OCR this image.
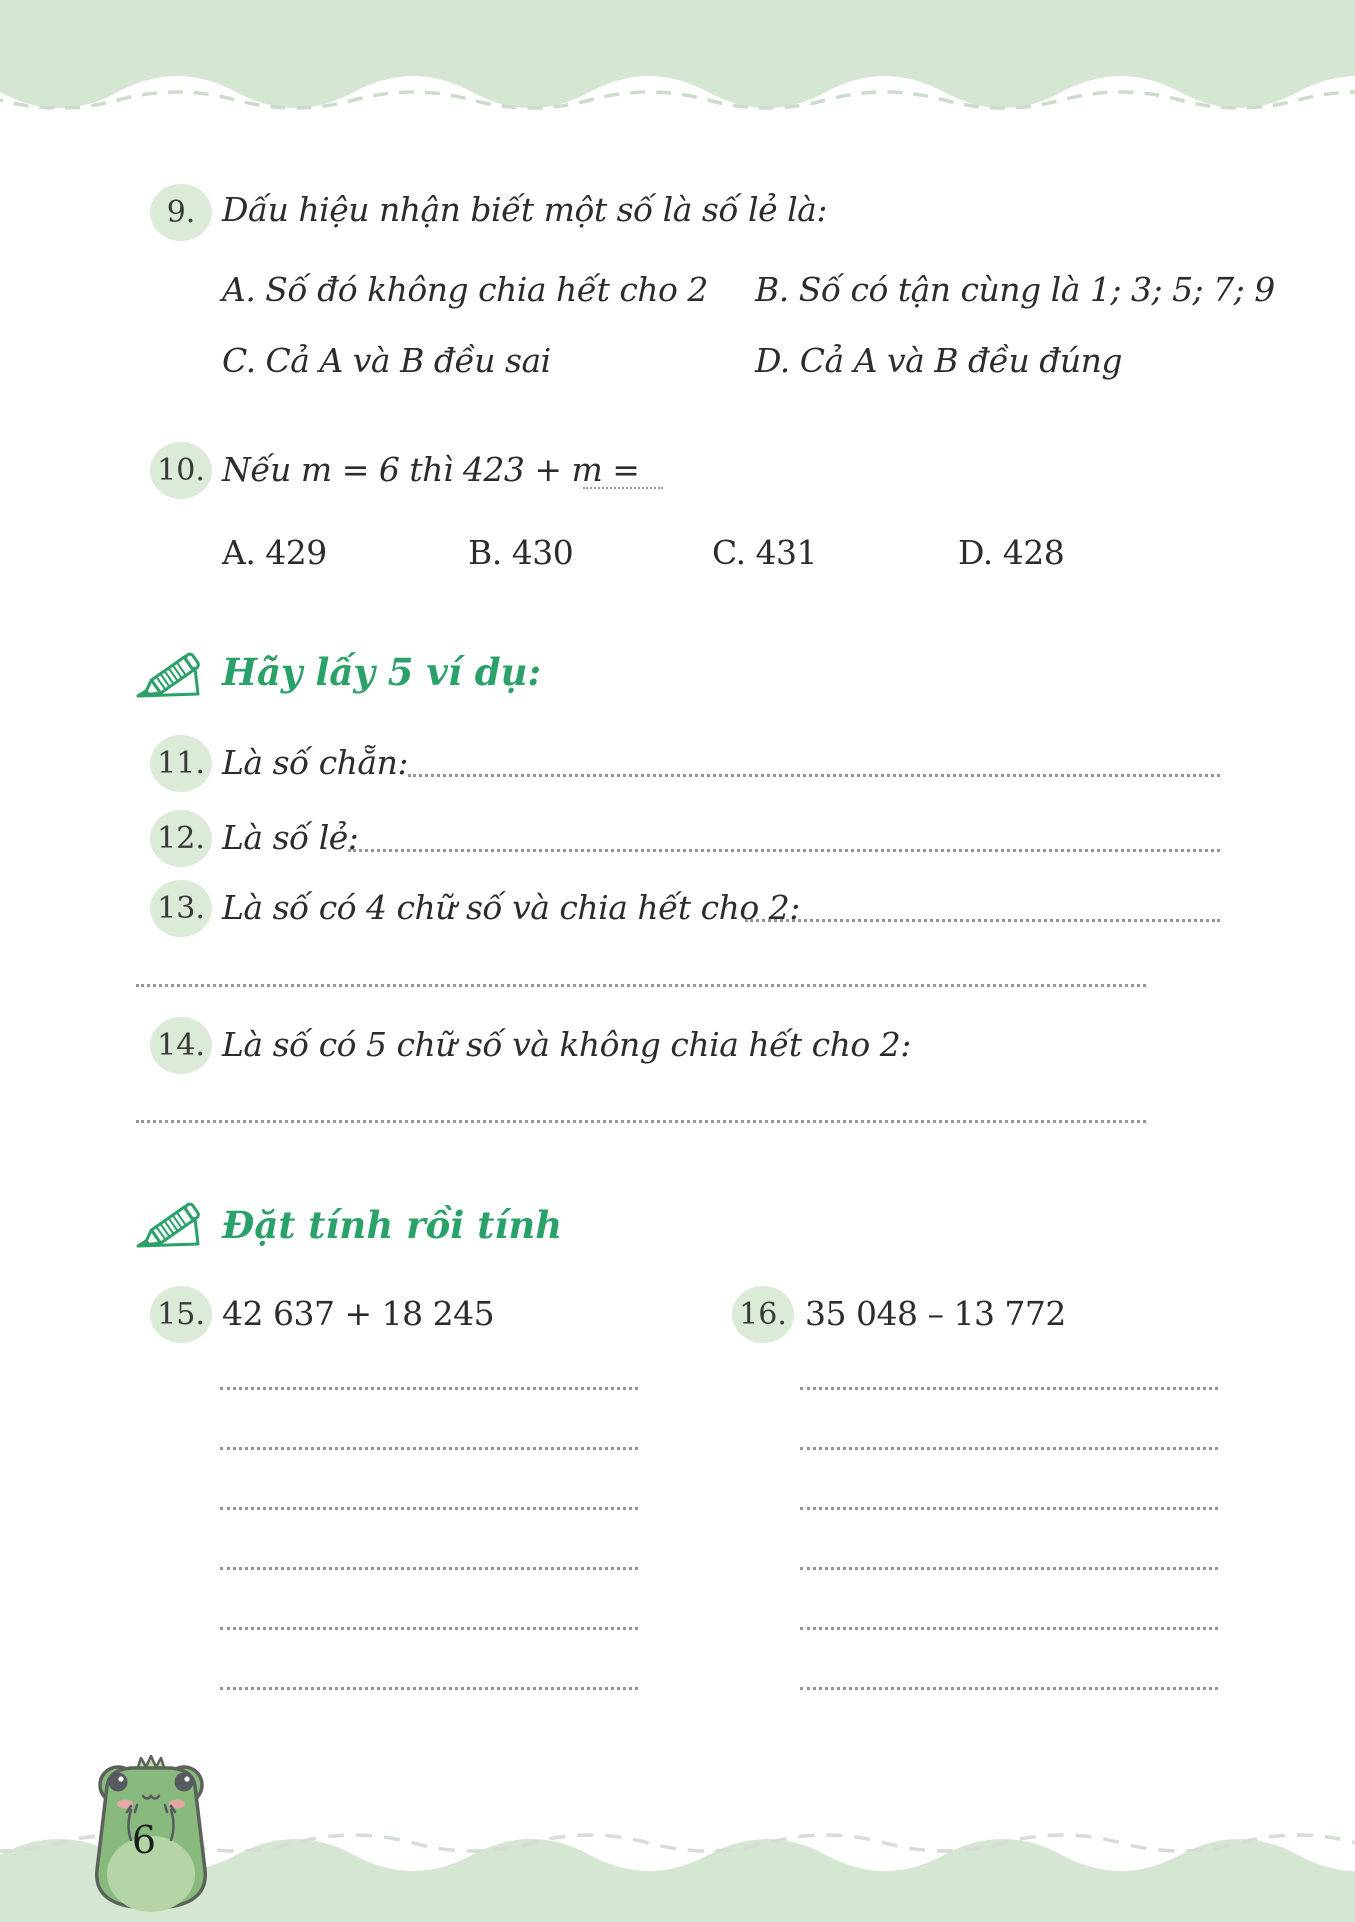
9. Dấu hiệu nhận biết một số là số lẻ là:
A. Số đó không chia hết cho 2 B. Số có tận cùng là 1; 3; 5; 7; 9
C. Cả A và B đều sai	D. Cả A và B đều đúng
10. Nếu m = 6 thì 423 + m =
A. 429	B. 430	C. 431	D. 428
Hãy lấy 5 ví dụ:
11. Là số chẵn:
12. Là số lẻ:
13. Là số có 4 chữ số và chia hết cho 2:
14. Là số có 5 chữ số và không chia hết cho 2:
Đặt tính rồi tính
15. 42 637 + 18 245	16. 35 048 – 13 772
6
